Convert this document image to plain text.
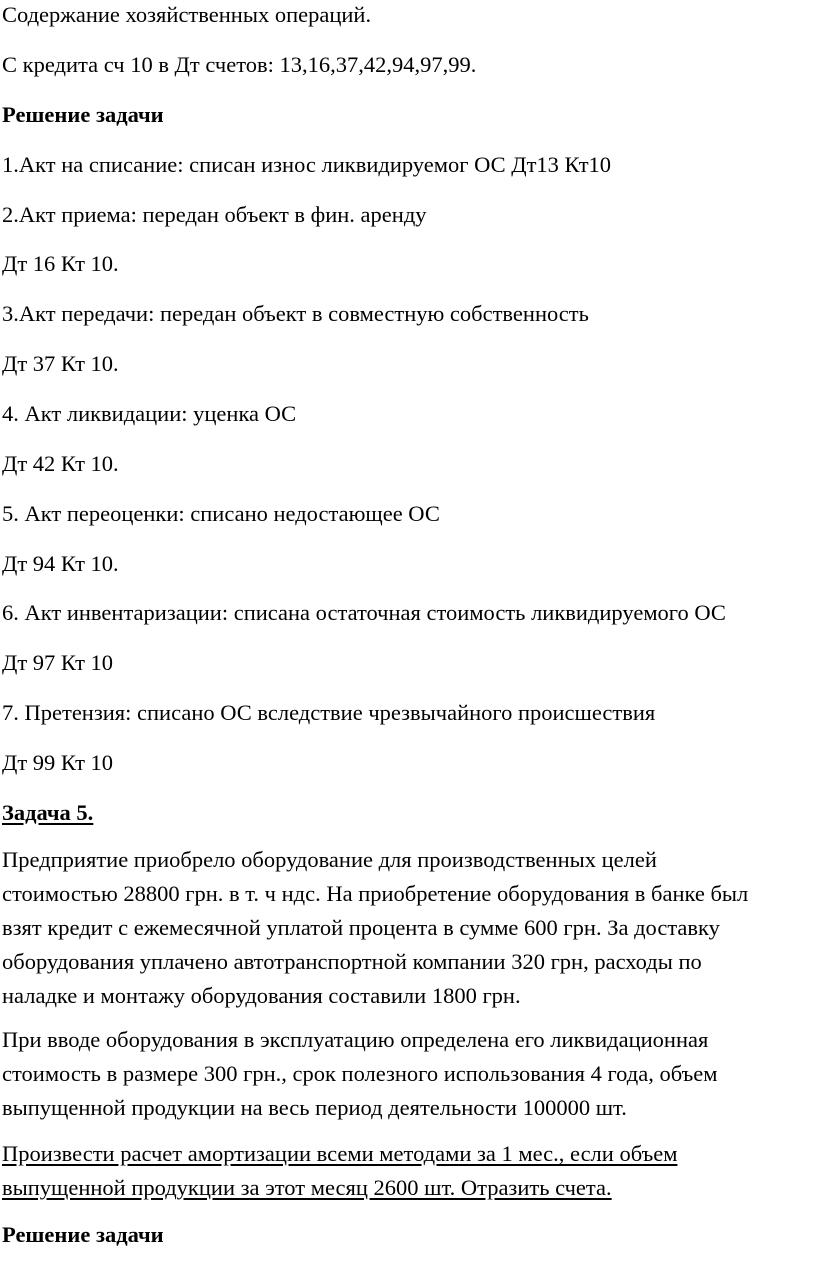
Содержание хозяйственных операций.
С кредита сч 10 в Дт счетов: 13,16,37,42,94,97,99.
Решение задачи
1.Акт на списание: списан износ ликвидируемог ОС Дт13 Кт10
2.Акт приема: передан объект в фин. аренду
Дт 16 Кт 10.
3.Акт передачи: передан объект в совместную собственность
Дт 37 Кт 10.
4. Акт ликвидации: уценка ОС
Дт 42 Кт 10.
5. Акт переоценки: списано недостающее ОС
Дт 94 Кт 10.
6. Акт инвентаризации: списана остаточная стоимость ликвидируемого ОС
Дт 97 Кт 10
7. Претензия: списано ОС вследствие чрезвычайного происшествия
Дт 99 Кт 10
Задача 5.
Предприятие приобрело оборудование для производственных целей
стоимостью 28800 грн. в т. ч ндс. На приобретение оборудования в банке был
взят кредит с ежемесячной уплатой процента в сумме 600 грн. За доставку
оборудования уплачено автотранспортной компании 320 грн, расходы по
наладке и монтажу оборудования составили 1800 грн.
При вводе оборудования в эксплуатацию определена его ликвидационная
стоимость в размере 300 грн., срок полезного использования 4 года, объем
выпущенной продукции на весь период деятельности 100000 шт.
Произвести расчет амортизации всеми методами за 1 мес., если объем
выпущенной продукции за этот месяц 2600 шт. Отразить счета.
Решение задачи
